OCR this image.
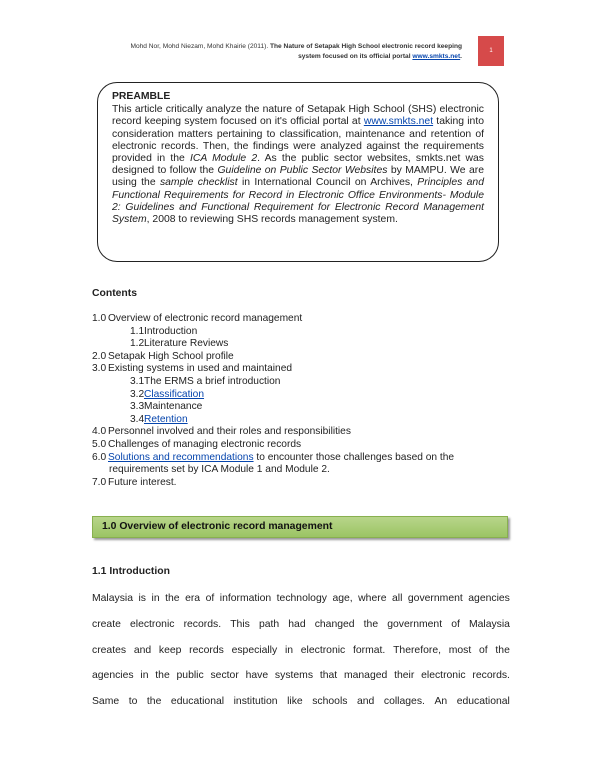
Mohd Nor, Mohd Niezam, Mohd Khairie (2011). The Nature of Setapak High School electronic record keeping
system focused on its official portal www.smkts.net.
1
PREAMBLE
This article critically analyze the nature of Setapak High School (SHS) electronic record keeping system focused on it's official portal at www.smkts.net taking into consideration matters pertaining to classification, maintenance and retention of electronic records. Then, the findings were analyzed against the requirements provided in the ICA Module 2. As the public sector websites, smkts.net was designed to follow the Guideline on Public Sector Websites by MAMPU. We are using the sample checklist in International Council on Archives, Principles and Functional Requirements for Record in Electronic Office Environments- Module 2: Guidelines and Functional Requirement for Electronic Record Management System, 2008 to reviewing SHS records management system.
Contents
1.0 Overview of electronic record management
1.1 Introduction
1.2 Literature Reviews
2.0 Setapak High School profile
3.0 Existing systems in used and maintained
3.1 The ERMS a brief introduction
3.2 Classification
3.3 Maintenance
3.4 Retention
4.0 Personnel involved and their roles and responsibilities
5.0 Challenges of managing electronic records
6.0 Solutions and recommendations to encounter those challenges based on the
requirements set by ICA Module 1 and Module 2.
7.0 Future interest.
1.0 Overview of electronic record management
1.1 Introduction
Malaysia is in the era of information technology age, where all government agencies
create electronic records. This path had changed the government of Malaysia
creates and keep records especially in electronic format. Therefore, most of the
agencies in the public sector have systems that managed their electronic records.
Same to the educational institution like schools and collages. An educational
